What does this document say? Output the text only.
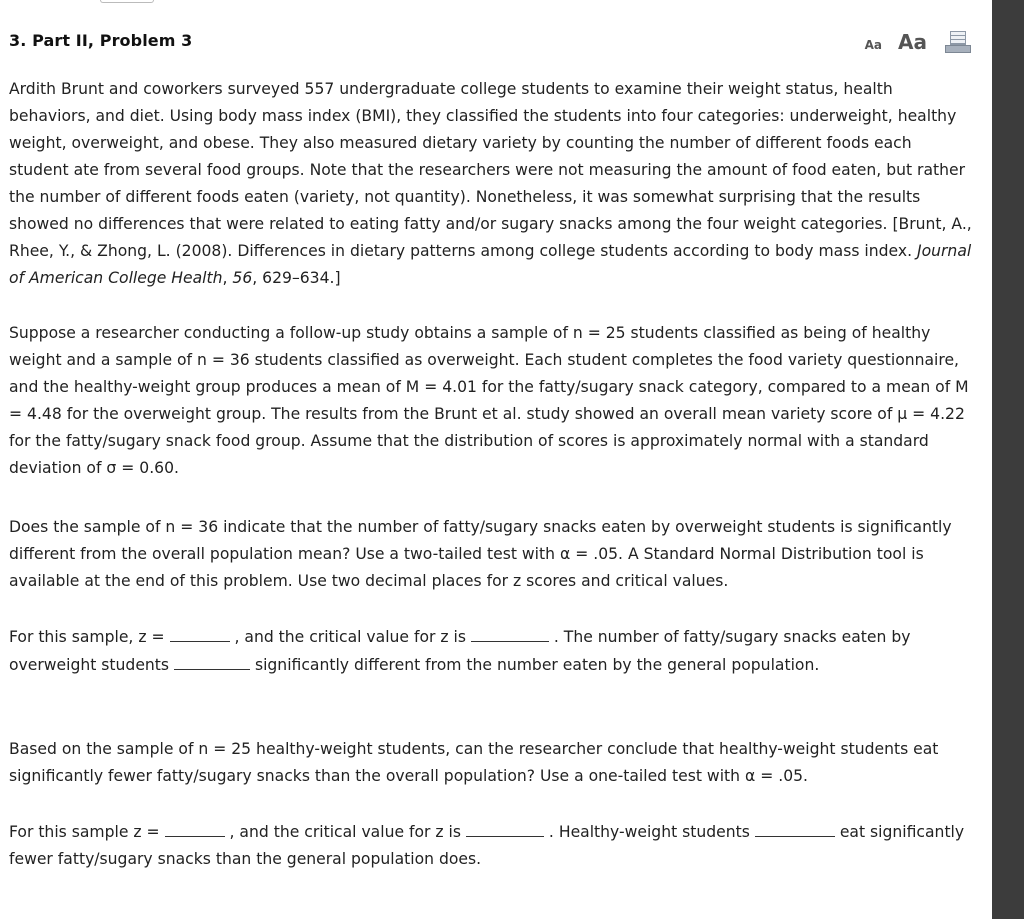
3. Part II, Problem 3	Aa Aa

Ardith Brunt and coworkers surveyed 557 undergraduate college students to examine their weight status, health behaviors, and diet. Using body mass index (BMI), they classified the students into four categories: underweight, healthy weight, overweight, and obese. They also measured dietary variety by counting the number of different foods each student ate from several food groups. Note that the researchers were not measuring the amount of food eaten, but rather the number of different foods eaten (variety, not quantity). Nonetheless, it was somewhat surprising that the results showed no differences that were related to eating fatty and/or sugary snacks among the four weight categories. [Brunt, A., Rhee, Y., & Zhong, L. (2008). Differences in dietary patterns among college students according to body mass index. Journal of American College Health, 56, 629–634.]

Suppose a researcher conducting a follow-up study obtains a sample of n = 25 students classified as being of healthy weight and a sample of n = 36 students classified as overweight. Each student completes the food variety questionnaire, and the healthy-weight group produces a mean of M = 4.01 for the fatty/sugary snack category, compared to a mean of M = 4.48 for the overweight group. The results from the Brunt et al. study showed an overall mean variety score of μ = 4.22 for the fatty/sugary snack food group. Assume that the distribution of scores is approximately normal with a standard deviation of σ = 0.60.

Does the sample of n = 36 indicate that the number of fatty/sugary snacks eaten by overweight students is significantly different from the overall population mean? Use a two-tailed test with α = .05. A Standard Normal Distribution tool is available at the end of this problem. Use two decimal places for z scores and critical values.

For this sample, z =	, and the critical value for z is	. The number of fatty/sugary snacks eaten by overweight students	significantly different from the number eaten by the general population.

Based on the sample of n = 25 healthy-weight students, can the researcher conclude that healthy-weight students eat significantly fewer fatty/sugary snacks than the overall population? Use a one-tailed test with α = .05.

For this sample z =	, and the critical value for z is	. Healthy-weight students	eat significantly fewer fatty/sugary snacks than the general population does.
